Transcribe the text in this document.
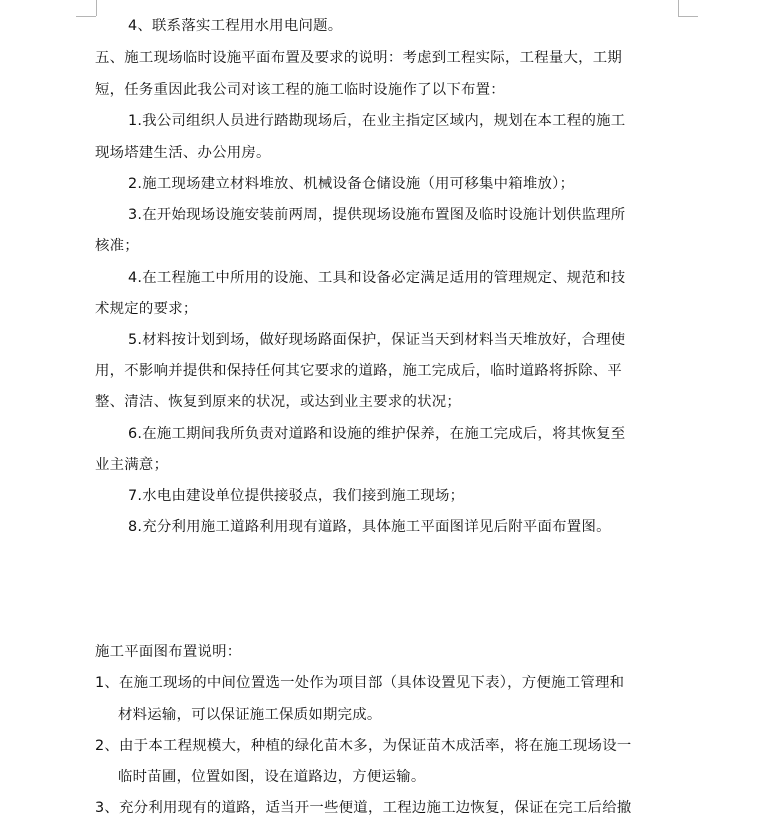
4、联系落实工程用水用电问题。
五、施工现场临时设施平面布置及要求的说明：考虑到工程实际，工程量大，工期
短，任务重因此我公司对该工程的施工临时设施作了以下布置：
1.我公司组织人员进行踏勘现场后，在业主指定区域内，规划在本工程的施工
现场塔建生活、办公用房。
2.施工现场建立材料堆放、机械设备仓储设施（用可移集中箱堆放）；
3.在开始现场设施安装前两周，提供现场设施布置图及临时设施计划供监理所
核准；
4.在工程施工中所用的设施、工具和设备必定满足适用的管理规定、规范和技
术规定的要求；
5.材料按计划到场，做好现场路面保护，保证当天到材料当天堆放好，合理使
用，不影响并提供和保持任何其它要求的道路，施工完成后，临时道路将拆除、平
整、清洁、恢复到原来的状况，或达到业主要求的状况；
6.在施工期间我所负责对道路和设施的维护保养，在施工完成后，将其恢复至
业主满意；
7.水电由建设单位提供接驳点，我们接到施工现场；
8.充分利用施工道路利用现有道路，具体施工平面图详见后附平面布置图。
施工平面图布置说明：
1、在施工现场的中间位置选一处作为项目部（具体设置见下表），方便施工管理和
材料运输，可以保证施工保质如期完成。
2、由于本工程规模大，种植的绿化苗木多，为保证苗木成活率，将在施工现场设一
临时苗圃，位置如图，设在道路边，方便运输。
3、充分利用现有的道路，适当开一些便道，工程边施工边恢复，保证在完工后给撤
